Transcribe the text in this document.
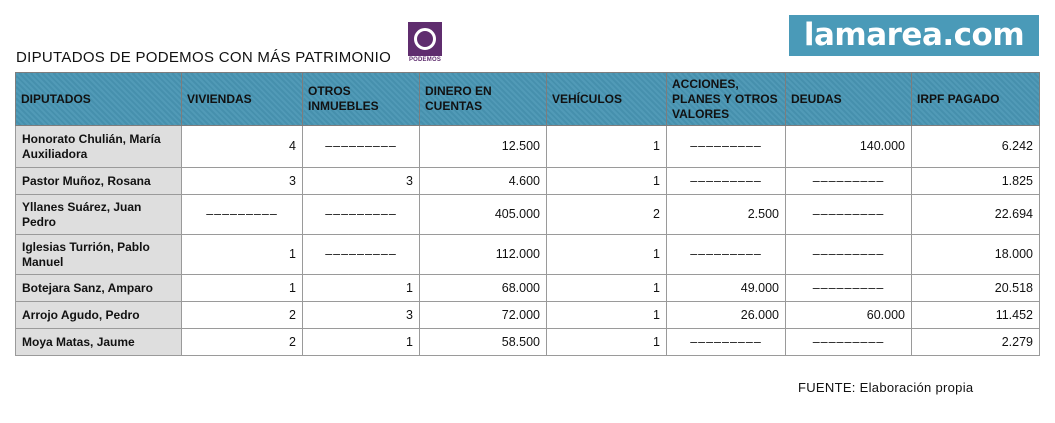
DIPUTADOS DE PODEMOS CON MÁS PATRIMONIO	PODEMOS
lamarea.com
DIPUTADOS	VIVIENDAS	OTROS INMUEBLES	DINERO EN CUENTAS	VEHÍCULOS	ACCIONES, PLANES Y OTROS VALORES	DEUDAS	IRPF PAGADO
Honorato Chulián, María Auxiliadora	4	–––––––––	12.500	1	–––––––––	140.000	6.242
Pastor Muñoz, Rosana	3	3	4.600	1	–––––––––	–––––––––	1.825
Yllanes Suárez, Juan Pedro	–––––––––	–––––––––	405.000	2	2.500	–––––––––	22.694
Iglesias Turrión, Pablo Manuel	1	–––––––––	112.000	1	–––––––––	–––––––––	18.000
Botejara Sanz, Amparo	1	1	68.000	1	49.000	–––––––––	20.518
Arrojo Agudo, Pedro	2	3	72.000	1	26.000	60.000	11.452
Moya Matas, Jaume	2	1	58.500	1	–––––––––	–––––––––	2.279
FUENTE: Elaboración propia
